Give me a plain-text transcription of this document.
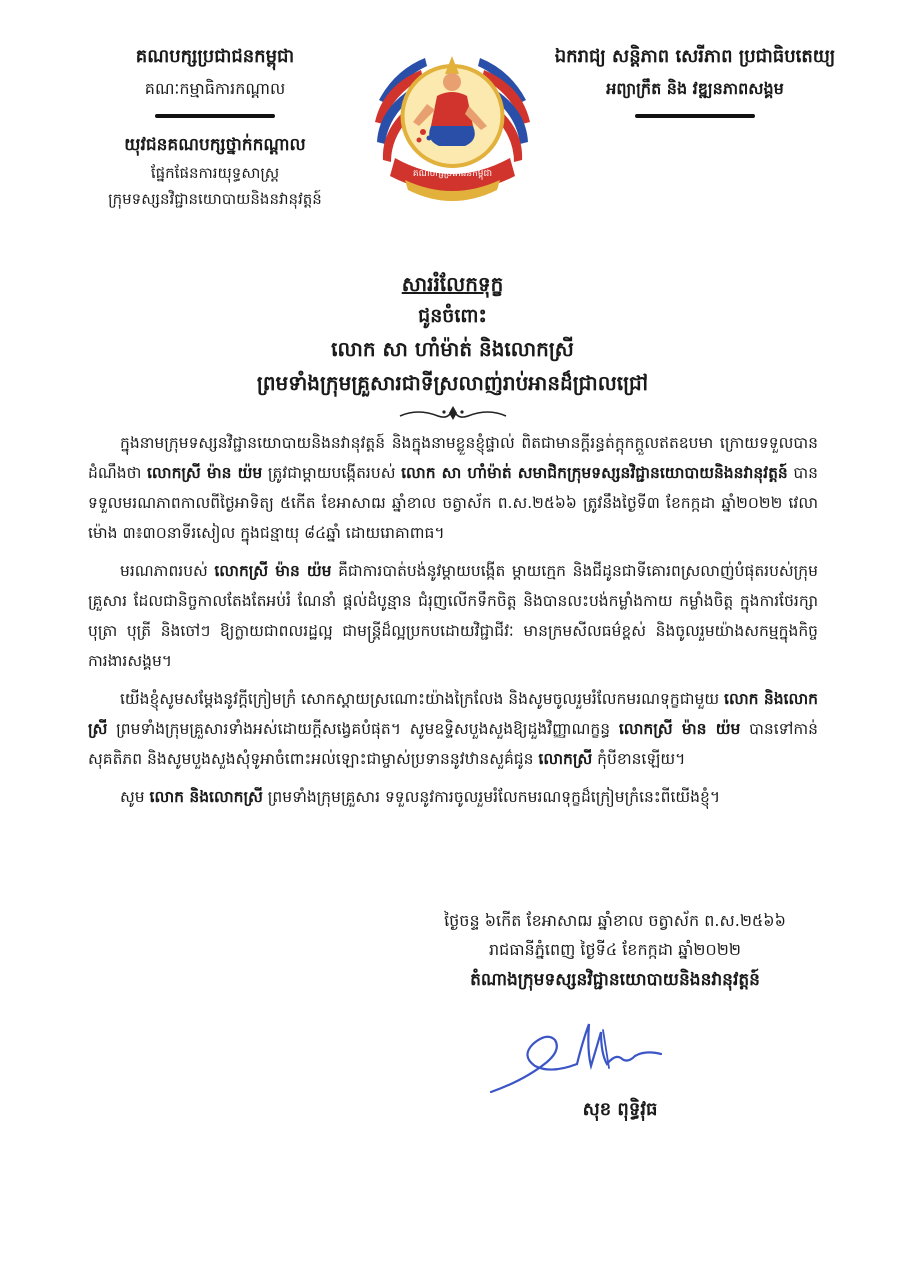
គណបក្សប្រជាជនកម្ពុជា
គណៈកម្មាធិការកណ្តាល
យុវជនគណបក្សថ្នាក់កណ្តាល
ផ្នែកផែនការយុទ្ធសាស្ត្រ
ក្រុមទស្សនវិជ្ជានយោបាយនិងនវានុវត្តន៍
គណបក្សប្រជាជនកម្ពុជា
ឯករាជ្យ សន្តិភាព សេរីភាព ប្រជាធិបតេយ្យ
អព្យាក្រឹត និង វឌ្ឍនភាពសង្គម
សាររំលែកទុក្ខ
ជូនចំពោះ
លោក សា ហាំម៉ាត់ និងលោកស្រី
ព្រមទាំងក្រុមគ្រួសារជាទីស្រលាញ់រាប់អានដ៏ជ្រាលជ្រៅ

ក្នុងនាមក្រុមទស្សនវិជ្ជានយោបាយនិងនវានុវត្តន៍ និងក្នុងនាមខ្លួនខ្ញុំផ្ទាល់ ពិតជាមានក្តីរន្ធត់ក្តុកក្តួលឥតឧបមា ក្រោយទទួលបានដំណឹងថា លោកស្រី ម៉ាន យ៉ម ត្រូវជាម្តាយបង្កើតរបស់ លោក សា ហាំម៉ាត់ សមាជិកក្រុមទស្សនវិជ្ជានយោបាយនិងនវានុវត្តន៍ បានទទួលមរណភាពកាលពីថ្ងៃអាទិត្យ ៥កើត ខែអាសាឍ ឆ្នាំខាល ចត្វាស័ក ព.ស.២៥៦៦ ត្រូវនឹងថ្ងៃទី៣ ខែកក្កដា ឆ្នាំ២០២២ វេលាម៉ោង ៣៖៣០នាទីរសៀល ក្នុងជន្មាយុ ៨៤ឆ្នាំ ដោយរោគាពាធ។

មរណភាពរបស់ លោកស្រី ម៉ាន យ៉ម គឺជាការបាត់បង់នូវម្តាយបង្កើត ម្តាយក្មេក និងជីដូនជាទីគោរពស្រលាញ់បំផុតរបស់ក្រុមគ្រួសារ ដែលជានិច្ចកាលតែងតែអប់រំ ណែនាំ ផ្តល់ដំបូន្មាន ជំរុញលើកទឹកចិត្ត និងបានលះបង់កម្លាំងកាយ កម្លាំងចិត្ត ក្នុងការថែរក្សាបុត្រា បុត្រី និងចៅៗ ឱ្យក្លាយជាពលរដ្ឋល្អ ជាមន្ត្រីដ៏ល្អប្រកបដោយវិជ្ជាជីវៈ មានក្រមសីលធម៌ខ្ពស់ និងចូលរួមយ៉ាងសកម្មក្នុងកិច្ចការងារសង្គម។

យើងខ្ញុំសូមសម្តែងនូវក្តីក្រៀមក្រំ សោកស្តាយស្រណោះយ៉ាងក្រៃលែង និងសូមចូលរួមរំលែកមរណទុក្ខជាមួយ លោក និងលោកស្រី ព្រមទាំងក្រុមគ្រួសារទាំងអស់ដោយក្តីសង្វេគបំផុត។ សូមឧទ្ទិសបួងសួងឱ្យដួងវិញ្ញាណក្ខន្ធ លោកស្រី ម៉ាន យ៉ម បានទៅកាន់សុគតិភព និងសូមបួងសួងសុំទូអាចំពោះអល់ឡោះជាម្ចាស់ប្រទាននូវឋានសួគ៌ជូន លោកស្រី កុំបីខានឡើយ។

សូម លោក និងលោកស្រី ព្រមទាំងក្រុមគ្រួសារ ទទួលនូវការចូលរួមរំលែកមរណទុក្ខដ៏ក្រៀមក្រំនេះពីយើងខ្ញុំ។

ថ្ងៃចន្ទ ៦កើត ខែអាសាឍ ឆ្នាំខាល ចត្វាស័ក ព.ស.២៥៦៦
រាជធានីភ្នំពេញ ថ្ងៃទី៤ ខែកក្កដា ឆ្នាំ២០២២
តំណាងក្រុមទស្សនវិជ្ជានយោបាយនិងនវានុវត្តន៍
សុខ ពុទ្ធិវុធ
